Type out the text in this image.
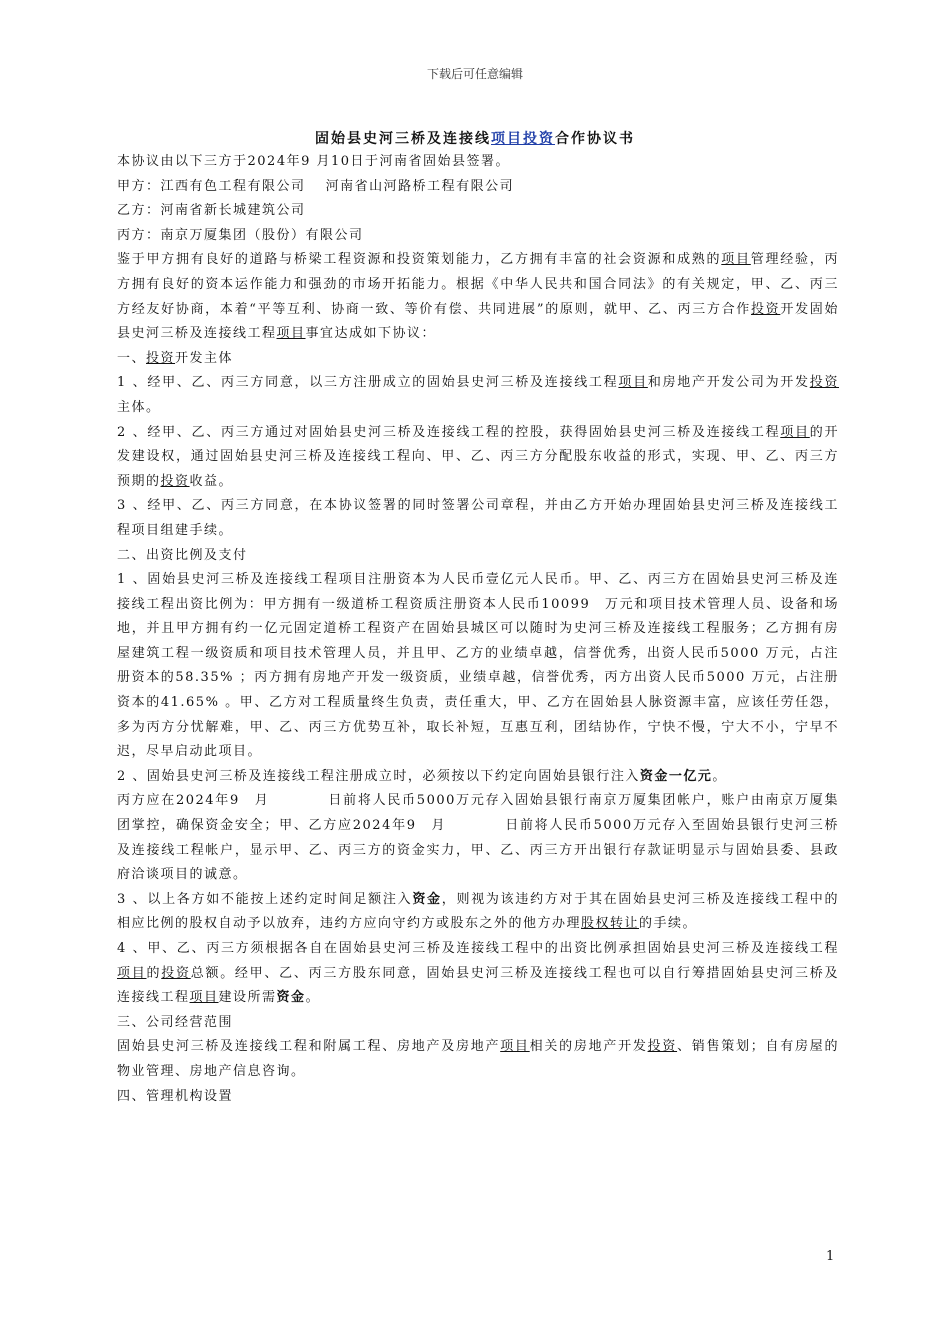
下载后可任意编辑
固始县史河三桥及连接线项目投资合作协议书

本协议由以下三方于2024年9 月10日于河南省固始县签署。

甲方：江西有色工程有限公司　 河南省山河路桥工程有限公司

乙方：河南省新长城建筑公司

丙方：南京万厦集团（股份）有限公司

鉴于甲方拥有良好的道路与桥梁工程资源和投资策划能力，乙方拥有丰富的社会资源和成熟的项目管理经验，丙方拥有良好的资本运作能力和强劲的市场开拓能力。根据《中华人民共和国合同法》的有关规定，甲、乙、丙三方经友好协商，本着“平等互利、协商一致、等价有偿、共同进展”的原则，就甲、乙、丙三方合作投资开发固始县史河三桥及连接线工程项目事宜达成如下协议：

一、投资开发主体

1 、经甲、乙、丙三方同意，以三方注册成立的固始县史河三桥及连接线工程项目和房地产开发公司为开发投资主体。

2 、经甲、乙、丙三方通过对固始县史河三桥及连接线工程的控股，获得固始县史河三桥及连接线工程项目的开发建设权，通过固始县史河三桥及连接线工程向、甲、乙、丙三方分配股东收益的形式，实现、甲、乙、丙三方预期的投资收益。

3 、经甲、乙、丙三方同意，在本协议签署的同时签署公司章程，并由乙方开始办理固始县史河三桥及连接线工程项目组建手续。

二、出资比例及支付

1 、固始县史河三桥及连接线工程项目注册资本为人民币壹亿元人民币。甲、乙、丙三方在固始县史河三桥及连接线工程出资比例为：甲方拥有一级道桥工程资质注册资本人民币10099　万元和项目技术管理人员、设备和场地，并且甲方拥有约一亿元固定道桥工程资产在固始县城区可以随时为史河三桥及连接线工程服务；乙方拥有房屋建筑工程一级资质和项目技术管理人员，并且甲、乙方的业绩卓越，信誉优秀，出资人民币5000 万元，占注册资本的58.35% ；丙方拥有房地产开发一级资质，业绩卓越，信誉优秀，丙方出资人民币5000 万元，占注册资本的41.65% 。甲、乙方对工程质量终生负责，责任重大，甲、乙方在固始县人脉资源丰富，应该任劳任怨，多为丙方分忧解难，甲、乙、丙三方优势互补，取长补短，互惠互利，团结协作，宁快不慢，宁大不小，宁早不迟，尽早启动此项目。

2 、固始县史河三桥及连接线工程注册成立时，必须按以下约定向固始县银行注入资金一亿元。

丙方应在2024年9　月　　　　日前将人民币5000万元存入固始县银行南京万厦集团帐户，账户由南京万厦集团掌控，确保资金安全；甲、乙方应2024年9　月　　　　日前将人民币5000万元存入至固始县银行史河三桥及连接线工程帐户，显示甲、乙、丙三方的资金实力，甲、乙、丙三方开出银行存款证明显示与固始县委、县政府洽谈项目的诚意。

3 、以上各方如不能按上述约定时间足额注入资金，则视为该违约方对于其在固始县史河三桥及连接线工程中的相应比例的股权自动予以放弃，违约方应向守约方或股东之外的他方办理股权转让的手续。

4 、甲、乙、丙三方须根据各自在固始县史河三桥及连接线工程中的出资比例承担固始县史河三桥及连接线工程项目的投资总额。经甲、乙、丙三方股东同意，固始县史河三桥及连接线工程也可以自行筹措固始县史河三桥及连接线工程项目建设所需资金。

三、公司经营范围

固始县史河三桥及连接线工程和附属工程、房地产及房地产项目相关的房地产开发投资、销售策划；自有房屋的物业管理、房地产信息咨询。

四、管理机构设置

1
